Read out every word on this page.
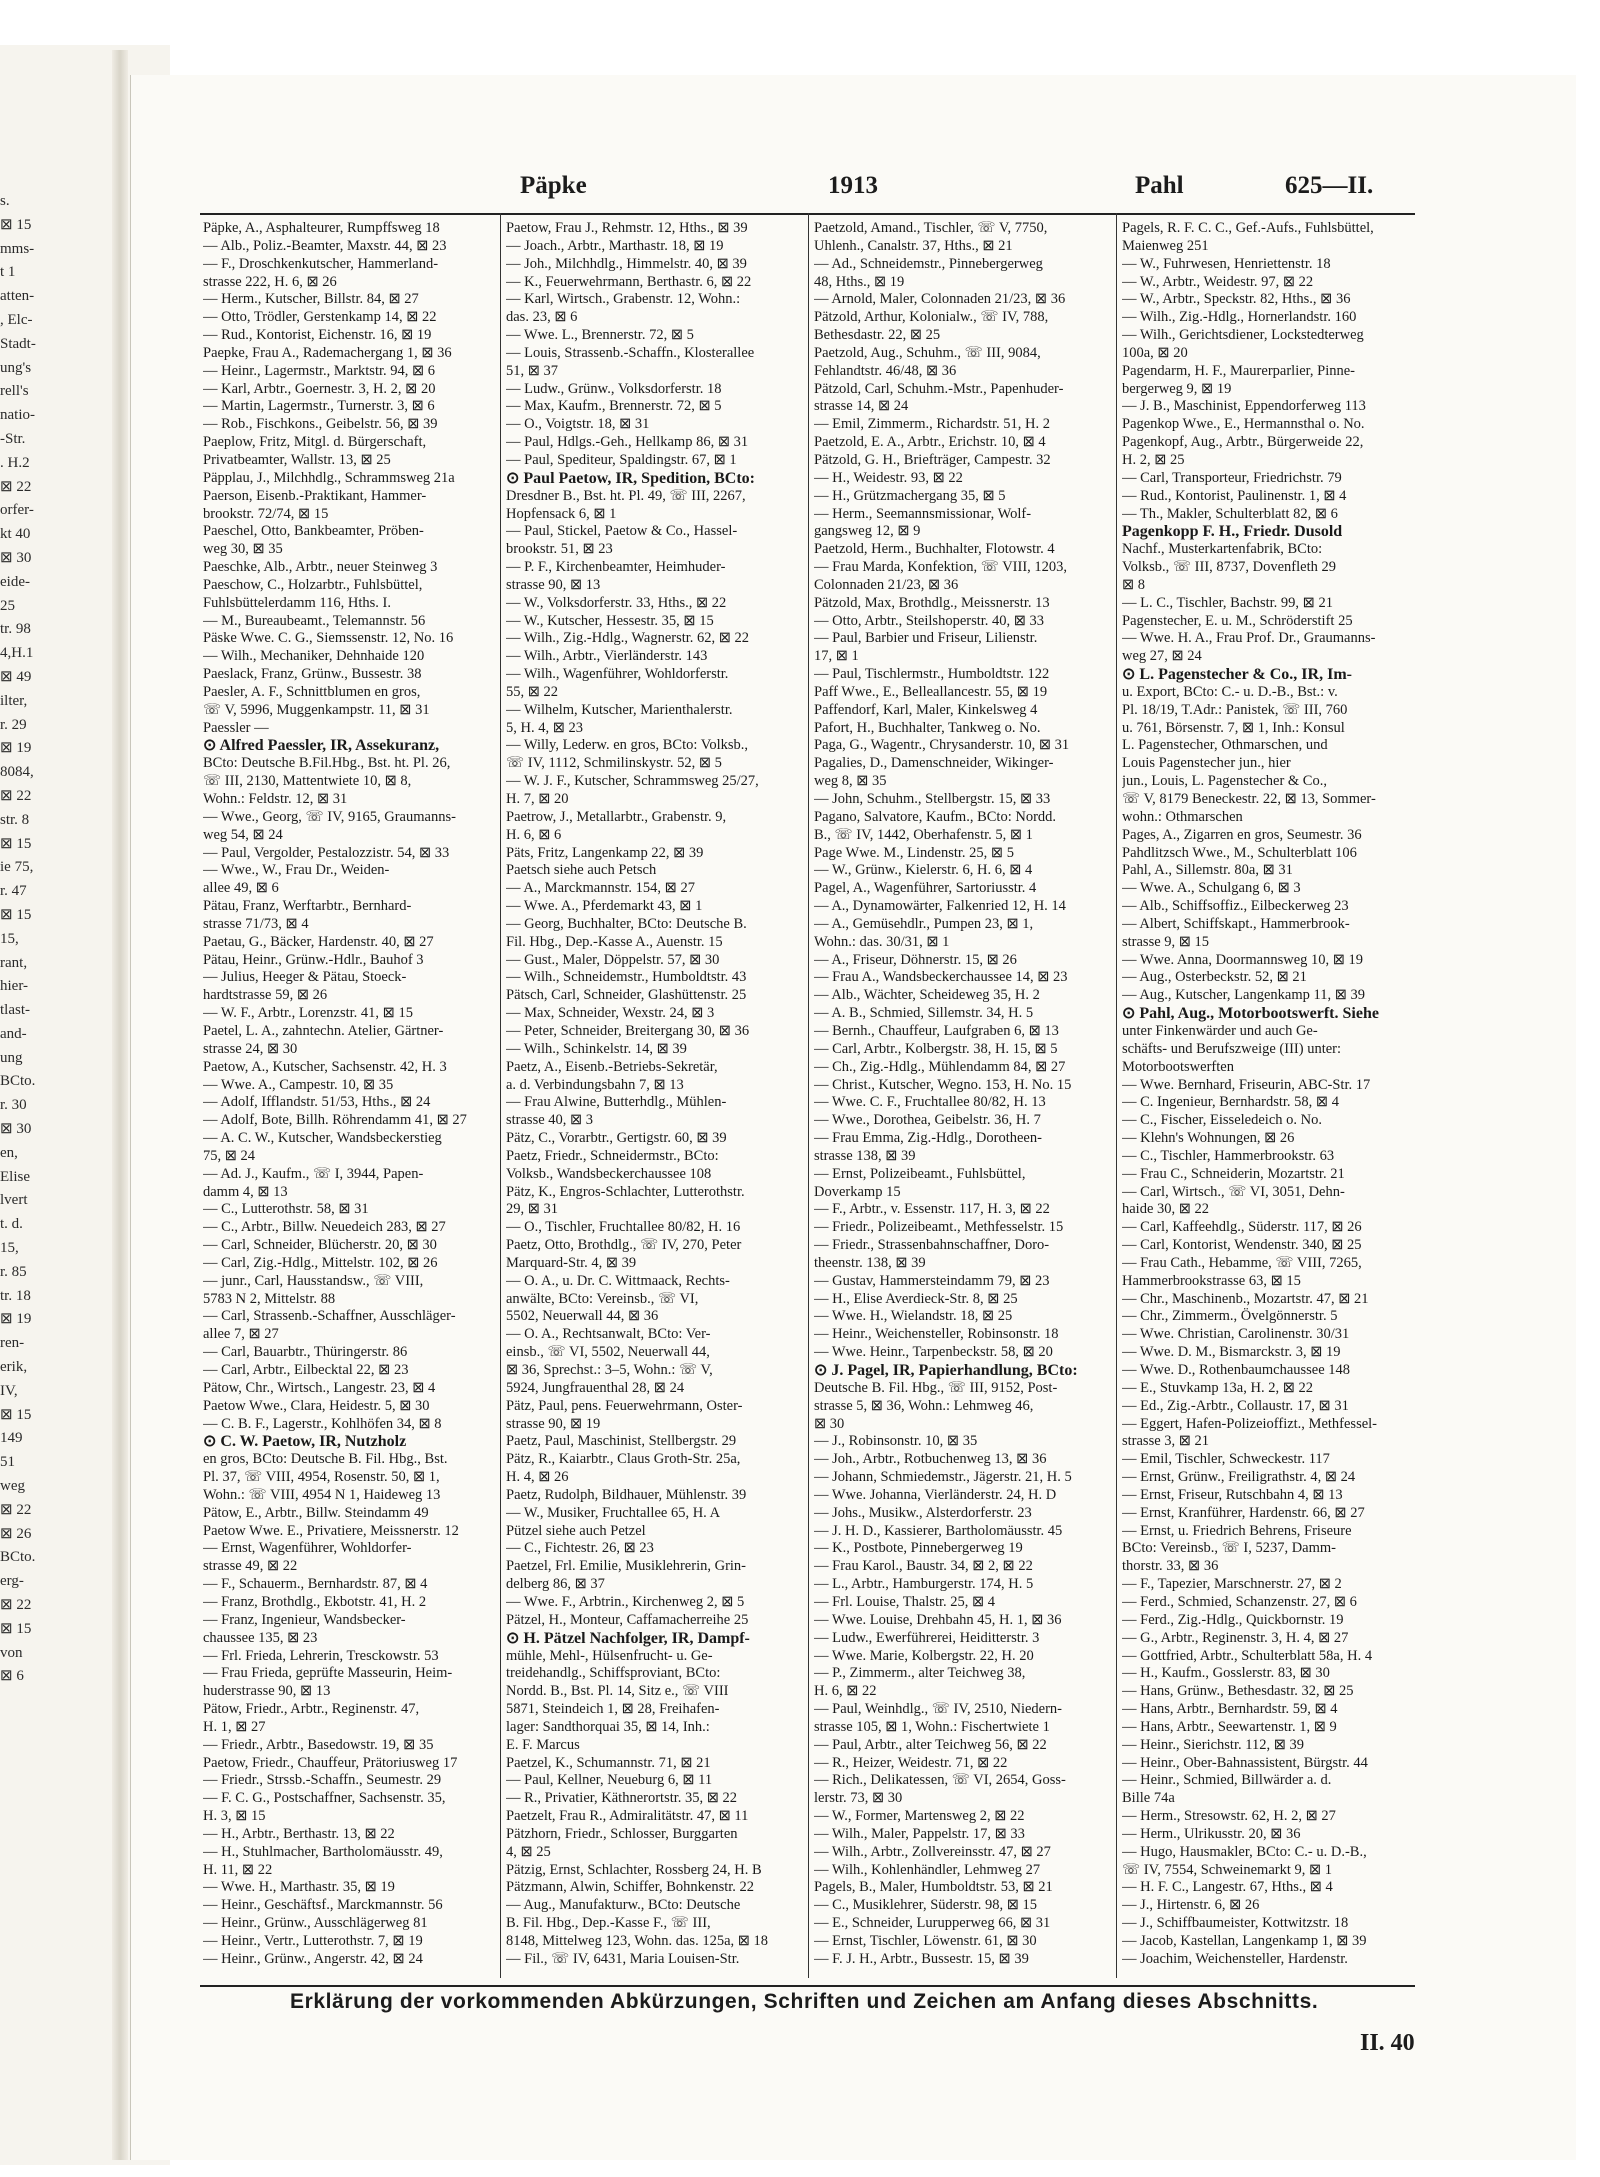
s.
⊠ 15
mms-
t 1
atten-
, Elc-
Stadt-
ung's
rell's
natio-
-Str.
. H.2
⊠ 22
orfer-
kt 40
⊠ 30
eide-
25
tr. 98
4,H.1
⊠ 49
ilter,
r. 29
⊠ 19
8084,
⊠ 22
str. 8
⊠ 15
ie 75,
r. 47
⊠ 15
15,
rant,
hier-
tlast-
and-
ung
BCto.
r. 30
⊠ 30
en,
Elise
lvert
t. d.
15,
r. 85
tr. 18
⊠ 19
ren-
erik,
IV,
⊠ 15
149
51
weg
⊠ 22
⊠ 26
BCto.
erg-
⊠ 22
⊠ 15
von
⊠ 6
Päpke	1913	Pahl	625—II.
Päpke, A., Asphalteurer, Rumpffsweg 18
— Alb., Poliz.-Beamter, Maxstr. 44, ⊠ 23
— F., Droschkenkutscher, Hammerland-
strasse 222, H. 6, ⊠ 26
— Herm., Kutscher, Billstr. 84, ⊠ 27
— Otto, Trödler, Gerstenkamp 14, ⊠ 22
— Rud., Kontorist, Eichenstr. 16, ⊠ 19
Paepke, Frau A., Rademachergang 1, ⊠ 36
— Heinr., Lagermstr., Marktstr. 94, ⊠ 6
— Karl, Arbtr., Goernestr. 3, H. 2, ⊠ 20
— Martin, Lagermstr., Turnerstr. 3, ⊠ 6
— Rob., Fischkons., Geibelstr. 56, ⊠ 39
Paeplow, Fritz, Mitgl. d. Bürgerschaft,
Privatbeamter, Wallstr. 13, ⊠ 25
Päpplau, J., Milchhdlg., Schrammsweg 21a
Paerson, Eisenb.-Praktikant, Hammer-
brookstr. 72/74, ⊠ 15
Paeschel, Otto, Bankbeamter, Pröben-
weg 30, ⊠ 35
Paeschke, Alb., Arbtr., neuer Steinweg 3
Paeschow, C., Holzarbtr., Fuhlsbüttel,
Fuhlsbüttelerdamm 116, Hths. I.
— M., Bureaubeamt., Telemannstr. 56
Päske Wwe. C. G., Siemssenstr. 12, No. 16
— Wilh., Mechaniker, Dehnhaide 120
Paeslack, Franz, Grünw., Bussestr. 38
Paesler, A. F., Schnittblumen en gros,
☏ V, 5996, Muggenkampstr. 11, ⊠ 31
Paessler —
⊙ Alfred Paessler, IR, Assekuranz,
BCto: Deutsche B.Fil.Hbg., Bst. ht. Pl. 26,
☏ III, 2130, Mattentwiete 10, ⊠ 8,
Wohn.: Feldstr. 12, ⊠ 31
— Wwe., Georg, ☏ IV, 9165, Graumanns-
weg 54, ⊠ 24
— Paul, Vergolder, Pestalozzistr. 54, ⊠ 33
— Wwe., W., Frau Dr., Weiden-
allee 49, ⊠ 6
Pätau, Franz, Werftarbtr., Bernhard-
strasse 71/73, ⊠ 4
Paetau, G., Bäcker, Hardenstr. 40, ⊠ 27
Pätau, Heinr., Grünw.-Hdlr., Bauhof 3
— Julius, Heeger & Pätau, Stoeck-
hardtstrasse 59, ⊠ 26
— W. F., Arbtr., Lorenzstr. 41, ⊠ 15
Paetel, L. A., zahntechn. Atelier, Gärtner-
strasse 24, ⊠ 30
Paetow, A., Kutscher, Sachsenstr. 42, H. 3
— Wwe. A., Campestr. 10, ⊠ 35
— Adolf, Ifflandstr. 51/53, Hths., ⊠ 24
— Adolf, Bote, Billh. Röhrendamm 41, ⊠ 27
— A. C. W., Kutscher, Wandsbeckerstieg
75, ⊠ 24
— Ad. J., Kaufm., ☏ I, 3944, Papen-
damm 4, ⊠ 13
— C., Lutterothstr. 58, ⊠ 31
— C., Arbtr., Billw. Neuedeich 283, ⊠ 27
— Carl, Schneider, Blücherstr. 20, ⊠ 30
— Carl, Zig.-Hdlg., Mittelstr. 102, ⊠ 26
— junr., Carl, Hausstandsw., ☏ VIII,
5783 N 2, Mittelstr. 88
— Carl, Strassenb.-Schaffner, Ausschläger-
allee 7, ⊠ 27
— Carl, Bauarbtr., Thüringerstr. 86
— Carl, Arbtr., Eilbecktal 22, ⊠ 23
Pätow, Chr., Wirtsch., Langestr. 23, ⊠ 4
Paetow Wwe., Clara, Heidestr. 5, ⊠ 30
— C. B. F., Lagerstr., Kohlhöfen 34, ⊠ 8
⊙ C. W. Paetow, IR, Nutzholz
en gros, BCto: Deutsche B. Fil. Hbg., Bst.
Pl. 37, ☏ VIII, 4954, Rosenstr. 50, ⊠ 1,
Wohn.: ☏ VIII, 4954 N 1, Haideweg 13
Pätow, E., Arbtr., Billw. Steindamm 49
Paetow Wwe. E., Privatiere, Meissnerstr. 12
— Ernst, Wagenführer, Wohldorfer-
strasse 49, ⊠ 22
— F., Schauerm., Bernhardstr. 87, ⊠ 4
— Franz, Brothdlg., Ekbotstr. 41, H. 2
— Franz, Ingenieur, Wandsbecker-
chaussee 135, ⊠ 23
— Frl. Frieda, Lehrerin, Tresckowstr. 53
— Frau Frieda, geprüfte Masseurin, Heim-
huderstrasse 90, ⊠ 13
Pätow, Friedr., Arbtr., Reginenstr. 47,
H. 1, ⊠ 27
— Friedr., Arbtr., Basedowstr. 19, ⊠ 35
Paetow, Friedr., Chauffeur, Prätoriusweg 17
— Friedr., Strssb.-Schaffn., Seumestr. 29
— F. C. G., Postschaffner, Sachsenstr. 35,
H. 3, ⊠ 15
— H., Arbtr., Berthastr. 13, ⊠ 22
— H., Stuhlmacher, Bartholomäusstr. 49,
H. 11, ⊠ 22
— Wwe. H., Marthastr. 35, ⊠ 19
— Heinr., Geschäftsf., Marckmannstr. 56
— Heinr., Grünw., Ausschlägerweg 81
— Heinr., Vertr., Lutterothstr. 7, ⊠ 19
— Heinr., Grünw., Angerstr. 42, ⊠ 24
Paetow, Frau J., Rehmstr. 12, Hths., ⊠ 39
— Joach., Arbtr., Marthastr. 18, ⊠ 19
— Joh., Milchhdlg., Himmelstr. 40, ⊠ 39
— K., Feuerwehrmann, Berthastr. 6, ⊠ 22
— Karl, Wirtsch., Grabenstr. 12, Wohn.:
das. 23, ⊠ 6
— Wwe. L., Brennerstr. 72, ⊠ 5
— Louis, Strassenb.-Schaffn., Klosterallee
51, ⊠ 37
— Ludw., Grünw., Volksdorferstr. 18
— Max, Kaufm., Brennerstr. 72, ⊠ 5
— O., Voigtstr. 18, ⊠ 31
— Paul, Hdlgs.-Geh., Hellkamp 86, ⊠ 31
— Paul, Spediteur, Spaldingstr. 67, ⊠ 1
⊙ Paul Paetow, IR, Spedition, BCto:
Dresdner B., Bst. ht. Pl. 49, ☏ III, 2267,
Hopfensack 6, ⊠ 1
— Paul, Stickel, Paetow & Co., Hassel-
brookstr. 51, ⊠ 23
— P. F., Kirchenbeamter, Heimhuder-
strasse 90, ⊠ 13
— W., Volksdorferstr. 33, Hths., ⊠ 22
— W., Kutscher, Hessestr. 35, ⊠ 15
— Wilh., Zig.-Hdlg., Wagnerstr. 62, ⊠ 22
— Wilh., Arbtr., Vierländerstr. 143
— Wilh., Wagenführer, Wohldorferstr.
55, ⊠ 22
— Wilhelm, Kutscher, Marienthalerstr.
5, H. 4, ⊠ 23
— Willy, Lederw. en gros, BCto: Volksb.,
☏ IV, 1112, Schmilinskystr. 52, ⊠ 5
— W. J. F., Kutscher, Schrammsweg 25/27,
H. 7, ⊠ 20
Paetrow, J., Metallarbtr., Grabenstr. 9,
H. 6, ⊠ 6
Päts, Fritz, Langenkamp 22, ⊠ 39
Paetsch siehe auch Petsch
— A., Marckmannstr. 154, ⊠ 27
— Wwe. A., Pferdemarkt 43, ⊠ 1
— Georg, Buchhalter, BCto: Deutsche B.
Fil. Hbg., Dep.-Kasse A., Auenstr. 15
— Gust., Maler, Döppelstr. 57, ⊠ 30
— Wilh., Schneidemstr., Humboldtstr. 43
Pätsch, Carl, Schneider, Glashüttenstr. 25
— Max, Schneider, Wexstr. 24, ⊠ 3
— Peter, Schneider, Breitergang 30, ⊠ 36
— Wilh., Schinkelstr. 14, ⊠ 39
Paetz, A., Eisenb.-Betriebs-Sekretär,
a. d. Verbindungsbahn 7, ⊠ 13
— Frau Alwine, Butterhdlg., Mühlen-
strasse 40, ⊠ 3
Pätz, C., Vorarbtr., Gertigstr. 60, ⊠ 39
Paetz, Friedr., Schneidermstr., BCto:
Volksb., Wandsbeckerchaussee 108
Pätz, K., Engros-Schlachter, Lutterothstr.
29, ⊠ 31
— O., Tischler, Fruchtallee 80/82, H. 16
Paetz, Otto, Brothdlg., ☏ IV, 270, Peter
Marquard-Str. 4, ⊠ 39
— O. A., u. Dr. C. Wittmaack, Rechts-
anwälte, BCto: Vereinsb., ☏ VI,
5502, Neuerwall 44, ⊠ 36
— O. A., Rechtsanwalt, BCto: Ver-
einsb., ☏ VI, 5502, Neuerwall 44,
⊠ 36, Sprechst.: 3–5, Wohn.: ☏ V,
5924, Jungfrauenthal 28, ⊠ 24
Pätz, Paul, pens. Feuerwehrmann, Oster-
strasse 90, ⊠ 19
Paetz, Paul, Maschinist, Stellbergstr. 29
Pätz, R., Kaiarbtr., Claus Groth-Str. 25a,
H. 4, ⊠ 26
Paetz, Rudolph, Bildhauer, Mühlenstr. 39
— W., Musiker, Fruchtallee 65, H. A
Pützel siehe auch Petzel
— C., Fichtestr. 26, ⊠ 23
Paetzel, Frl. Emilie, Musiklehrerin, Grin-
delberg 86, ⊠ 37
— Wwe. F., Arbtrin., Kirchenweg 2, ⊠ 5
Pätzel, H., Monteur, Caffamacherreihe 25
⊙ H. Pätzel Nachfolger, IR, Dampf-
mühle, Mehl-, Hülsenfrucht- u. Ge-
treidehandlg., Schiffsproviant, BCto:
Nordd. B., Bst. Pl. 14, Sitz e., ☏ VIII
5871, Steindeich 1, ⊠ 28, Freihafen-
lager: Sandthorquai 35, ⊠ 14, Inh.:
E. F. Marcus
Paetzel, K., Schumannstr. 71, ⊠ 21
— Paul, Kellner, Neueburg 6, ⊠ 11
— R., Privatier, Käthnerortstr. 35, ⊠ 22
Paetzelt, Frau R., Admiralitätstr. 47, ⊠ 11
Pätzhorn, Friedr., Schlosser, Burggarten
4, ⊠ 25
Pätzig, Ernst, Schlachter, Rossberg 24, H. B
Pätzmann, Alwin, Schiffer, Bohnkenstr. 22
— Aug., Manufakturw., BCto: Deutsche
B. Fil. Hbg., Dep.-Kasse F., ☏ III,
8148, Mittelweg 123, Wohn. das. 125a, ⊠ 18
— Fil., ☏ IV, 6431, Maria Louisen-Str.
Paetzold, Amand., Tischler, ☏ V, 7750,
Uhlenh., Canalstr. 37, Hths., ⊠ 21
— Ad., Schneidemstr., Pinnebergerweg
48, Hths., ⊠ 19
— Arnold, Maler, Colonnaden 21/23, ⊠ 36
Pätzold, Arthur, Kolonialw., ☏ IV, 788,
Bethesdastr. 22, ⊠ 25
Paetzold, Aug., Schuhm., ☏ III, 9084,
Fehlandtstr. 46/48, ⊠ 36
Pätzold, Carl, Schuhm.-Mstr., Papenhuder-
strasse 14, ⊠ 24
— Emil, Zimmerm., Richardstr. 51, H. 2
Paetzold, E. A., Arbtr., Erichstr. 10, ⊠ 4
Pätzold, G. H., Briefträger, Campestr. 32
— H., Weidestr. 93, ⊠ 22
— H., Grützmachergang 35, ⊠ 5
— Herm., Seemannsmissionar, Wolf-
gangsweg 12, ⊠ 9
Paetzold, Herm., Buchhalter, Flotowstr. 4
— Frau Marda, Konfektion, ☏ VIII, 1203,
Colonnaden 21/23, ⊠ 36
Pätzold, Max, Brothdlg., Meissnerstr. 13
— Otto, Arbtr., Steilshoperstr. 40, ⊠ 33
— Paul, Barbier und Friseur, Lilienstr.
17, ⊠ 1
— Paul, Tischlermstr., Humboldtstr. 122
Paff Wwe., E., Belleallancestr. 55, ⊠ 19
Paffendorf, Karl, Maler, Kinkelsweg 4
Pafort, H., Buchhalter, Tankweg o. No.
Paga, G., Wagentr., Chrysanderstr. 10, ⊠ 31
Pagalies, D., Damenschneider, Wikinger-
weg 8, ⊠ 35
— John, Schuhm., Stellbergstr. 15, ⊠ 33
Pagano, Salvatore, Kaufm., BCto: Nordd.
B., ☏ IV, 1442, Oberhafenstr. 5, ⊠ 1
Page Wwe. M., Lindenstr. 25, ⊠ 5
— W., Grünw., Kielerstr. 6, H. 6, ⊠ 4
Pagel, A., Wagenführer, Sartoriusstr. 4
— A., Dynamowärter, Falkenried 12, H. 14
— A., Gemüsehdlr., Pumpen 23, ⊠ 1,
Wohn.: das. 30/31, ⊠ 1
— A., Friseur, Döhnerstr. 15, ⊠ 26
— Frau A., Wandsbeckerchaussee 14, ⊠ 23
— Alb., Wächter, Scheideweg 35, H. 2
— A. B., Schmied, Sillemstr. 34, H. 5
— Bernh., Chauffeur, Laufgraben 6, ⊠ 13
— Carl, Arbtr., Kolbergstr. 38, H. 15, ⊠ 5
— Ch., Zig.-Hdlg., Mühlendamm 84, ⊠ 27
— Christ., Kutscher, Wegno. 153, H. No. 15
— Wwe. C. F., Fruchtallee 80/82, H. 13
— Wwe., Dorothea, Geibelstr. 36, H. 7
— Frau Emma, Zig.-Hdlg., Dorotheen-
strasse 138, ⊠ 39
— Ernst, Polizeibeamt., Fuhlsbüttel,
Doverkamp 15
— F., Arbtr., v. Essenstr. 117, H. 3, ⊠ 22
— Friedr., Polizeibeamt., Methfesselstr. 15
— Friedr., Strassenbahnschaffner, Doro-
theenstr. 138, ⊠ 39
— Gustav, Hammersteindamm 79, ⊠ 23
— H., Elise Averdieck-Str. 8, ⊠ 25
— Wwe. H., Wielandstr. 18, ⊠ 25
— Heinr., Weichensteller, Robinsonstr. 18
— Wwe. Heinr., Tarpenbeckstr. 58, ⊠ 20
⊙ J. Pagel, IR, Papierhandlung, BCto:
Deutsche B. Fil. Hbg., ☏ III, 9152, Post-
strasse 5, ⊠ 36, Wohn.: Lehmweg 46,
⊠ 30
— J., Robinsonstr. 10, ⊠ 35
— Joh., Arbtr., Rotbuchenweg 13, ⊠ 36
— Johann, Schmiedemstr., Jägerstr. 21, H. 5
— Wwe. Johanna, Vierländerstr. 24, H. D
— Johs., Musikw., Alsterdorferstr. 23
— J. H. D., Kassierer, Bartholomäusstr. 45
— K., Postbote, Pinnebergerweg 19
— Frau Karol., Baustr. 34, ⊠ 2, ⊠ 22
— L., Arbtr., Hamburgerstr. 174, H. 5
— Frl. Louise, Thalstr. 25, ⊠ 4
— Wwe. Louise, Drehbahn 45, H. 1, ⊠ 36
— Ludw., Ewerführerei, Heiditterstr. 3
— Wwe. Marie, Kolbergstr. 22, H. 20
— P., Zimmerm., alter Teichweg 38,
H. 6, ⊠ 22
— Paul, Weinhdlg., ☏ IV, 2510, Niedern-
strasse 105, ⊠ 1, Wohn.: Fischertwiete 1
— Paul, Arbtr., alter Teichweg 56, ⊠ 22
— R., Heizer, Weidestr. 71, ⊠ 22
— Rich., Delikatessen, ☏ VI, 2654, Goss-
lerstr. 73, ⊠ 30
— W., Former, Martensweg 2, ⊠ 22
— Wilh., Maler, Pappelstr. 17, ⊠ 33
— Wilh., Arbtr., Zollvereinsstr. 47, ⊠ 27
— Wilh., Kohlenhändler, Lehmweg 27
Pagels, B., Maler, Humboldtstr. 53, ⊠ 21
— C., Musiklehrer, Süderstr. 98, ⊠ 15
— E., Schneider, Lurupperweg 66, ⊠ 31
— Ernst, Tischler, Löwenstr. 61, ⊠ 30
— F. J. H., Arbtr., Bussestr. 15, ⊠ 39
Pagels, R. F. C. C., Gef.-Aufs., Fuhlsbüttel,
Maienweg 251
— W., Fuhrwesen, Henriettenstr. 18
— W., Arbtr., Weidestr. 97, ⊠ 22
— W., Arbtr., Speckstr. 82, Hths., ⊠ 36
— Wilh., Zig.-Hdlg., Hornerlandstr. 160
— Wilh., Gerichtsdiener, Lockstedterweg
100a, ⊠ 20
Pagendarm, H. F., Maurerparlier, Pinne-
bergerweg 9, ⊠ 19
— J. B., Maschinist, Eppendorferweg 113
Pagenkop Wwe., E., Hermannsthal o. No.
Pagenkopf, Aug., Arbtr., Bürgerweide 22,
H. 2, ⊠ 25
— Carl, Transporteur, Friedrichstr. 79
— Rud., Kontorist, Paulinenstr. 1, ⊠ 4
— Th., Makler, Schulterblatt 82, ⊠ 6
Pagenkopp F. H., Friedr. Dusold
Nachf., Musterkartenfabrik, BCto:
Volksb., ☏ III, 8737, Dovenfleth 29
⊠ 8
— L. C., Tischler, Bachstr. 99, ⊠ 21
Pagenstecher, E. u. M., Schröderstift 25
— Wwe. H. A., Frau Prof. Dr., Graumanns-
weg 27, ⊠ 24
⊙ L. Pagenstecher & Co., IR, Im-
u. Export, BCto: C.- u. D.-B., Bst.: v.
Pl. 18/19, T.Adr.: Panistek, ☏ III, 760
u. 761, Börsenstr. 7, ⊠ 1, Inh.: Konsul
L. Pagenstecher, Othmarschen, und
Louis Pagenstecher jun., hier
jun., Louis, L. Pagenstecher & Co.,
☏ V, 8179 Beneckestr. 22, ⊠ 13, Sommer-
wohn.: Othmarschen
Pages, A., Zigarren en gros, Seumestr. 36
Pahdlitzsch Wwe., M., Schulterblatt 106
Pahl, A., Sillemstr. 80a, ⊠ 31
— Wwe. A., Schulgang 6, ⊠ 3
— Alb., Schiffsoffiz., Eilbeckerweg 23
— Albert, Schiffskapt., Hammerbrook-
strasse 9, ⊠ 15
— Wwe. Anna, Doormannsweg 10, ⊠ 19
— Aug., Osterbeckstr. 52, ⊠ 21
— Aug., Kutscher, Langenkamp 11, ⊠ 39
⊙ Pahl, Aug., Motorbootswerft. Siehe
unter Finkenwärder und auch Ge-
schäfts- und Berufszweige (III) unter:
Motorbootswerften
— Wwe. Bernhard, Friseurin, ABC-Str. 17
— C. Ingenieur, Bernhardstr. 58, ⊠ 4
— C., Fischer, Eisseledeich o. No.
— Klehn's Wohnungen, ⊠ 26
— C., Tischler, Hammerbrookstr. 63
— Frau C., Schneiderin, Mozartstr. 21
— Carl, Wirtsch., ☏ VI, 3051, Dehn-
haide 30, ⊠ 22
— Carl, Kaffeehdlg., Süderstr. 117, ⊠ 26
— Carl, Kontorist, Wendenstr. 340, ⊠ 25
— Frau Cath., Hebamme, ☏ VIII, 7265,
Hammerbrookstrasse 63, ⊠ 15
— Chr., Maschinenb., Mozartstr. 47, ⊠ 21
— Chr., Zimmerm., Övelgönnerstr. 5
— Wwe. Christian, Carolinenstr. 30/31
— Wwe. D. M., Bismarckstr. 3, ⊠ 19
— Wwe. D., Rothenbaumchaussee 148
— E., Stuvkamp 13a, H. 2, ⊠ 22
— Ed., Zig.-Arbtr., Collaustr. 17, ⊠ 31
— Eggert, Hafen-Polizeioffizt., Methfessel-
strasse 3, ⊠ 21
— Emil, Tischler, Schweckestr. 117
— Ernst, Grünw., Freiligrathstr. 4, ⊠ 24
— Ernst, Friseur, Rutschbahn 4, ⊠ 13
— Ernst, Kranführer, Hardenstr. 66, ⊠ 27
— Ernst, u. Friedrich Behrens, Friseure
BCto: Vereinsb., ☏ I, 5237, Damm-
thorstr. 33, ⊠ 36
— F., Tapezier, Marschnerstr. 27, ⊠ 2
— Ferd., Schmied, Schanzenstr. 27, ⊠ 6
— Ferd., Zig.-Hdlg., Quickbornstr. 19
— G., Arbtr., Reginenstr. 3, H. 4, ⊠ 27
— Gottfried, Arbtr., Schulterblatt 58a, H. 4
— H., Kaufm., Gosslerstr. 83, ⊠ 30
— Hans, Grünw., Bethesdastr. 32, ⊠ 25
— Hans, Arbtr., Bernhardstr. 59, ⊠ 4
— Hans, Arbtr., Seewartenstr. 1, ⊠ 9
— Heinr., Sierichstr. 112, ⊠ 39
— Heinr., Ober-Bahnassistent, Bürgstr. 44
— Heinr., Schmied, Billwärder a. d.
Bille 74a
— Herm., Stresowstr. 62, H. 2, ⊠ 27
— Herm., Ulrikusstr. 20, ⊠ 36
— Hugo, Hausmakler, BCto: C.- u. D.-B.,
☏ IV, 7554, Schweinemarkt 9, ⊠ 1
— H. F. C., Langestr. 67, Hths., ⊠ 4
— J., Hirtenstr. 6, ⊠ 26
— J., Schiffbaumeister, Kottwitzstr. 18
— Jacob, Kastellan, Langenkamp 1, ⊠ 39
— Joachim, Weichensteller, Hardenstr.
Erklärung der vorkommenden Abkürzungen, Schriften und Zeichen am Anfang dieses Abschnitts.
II. 40
